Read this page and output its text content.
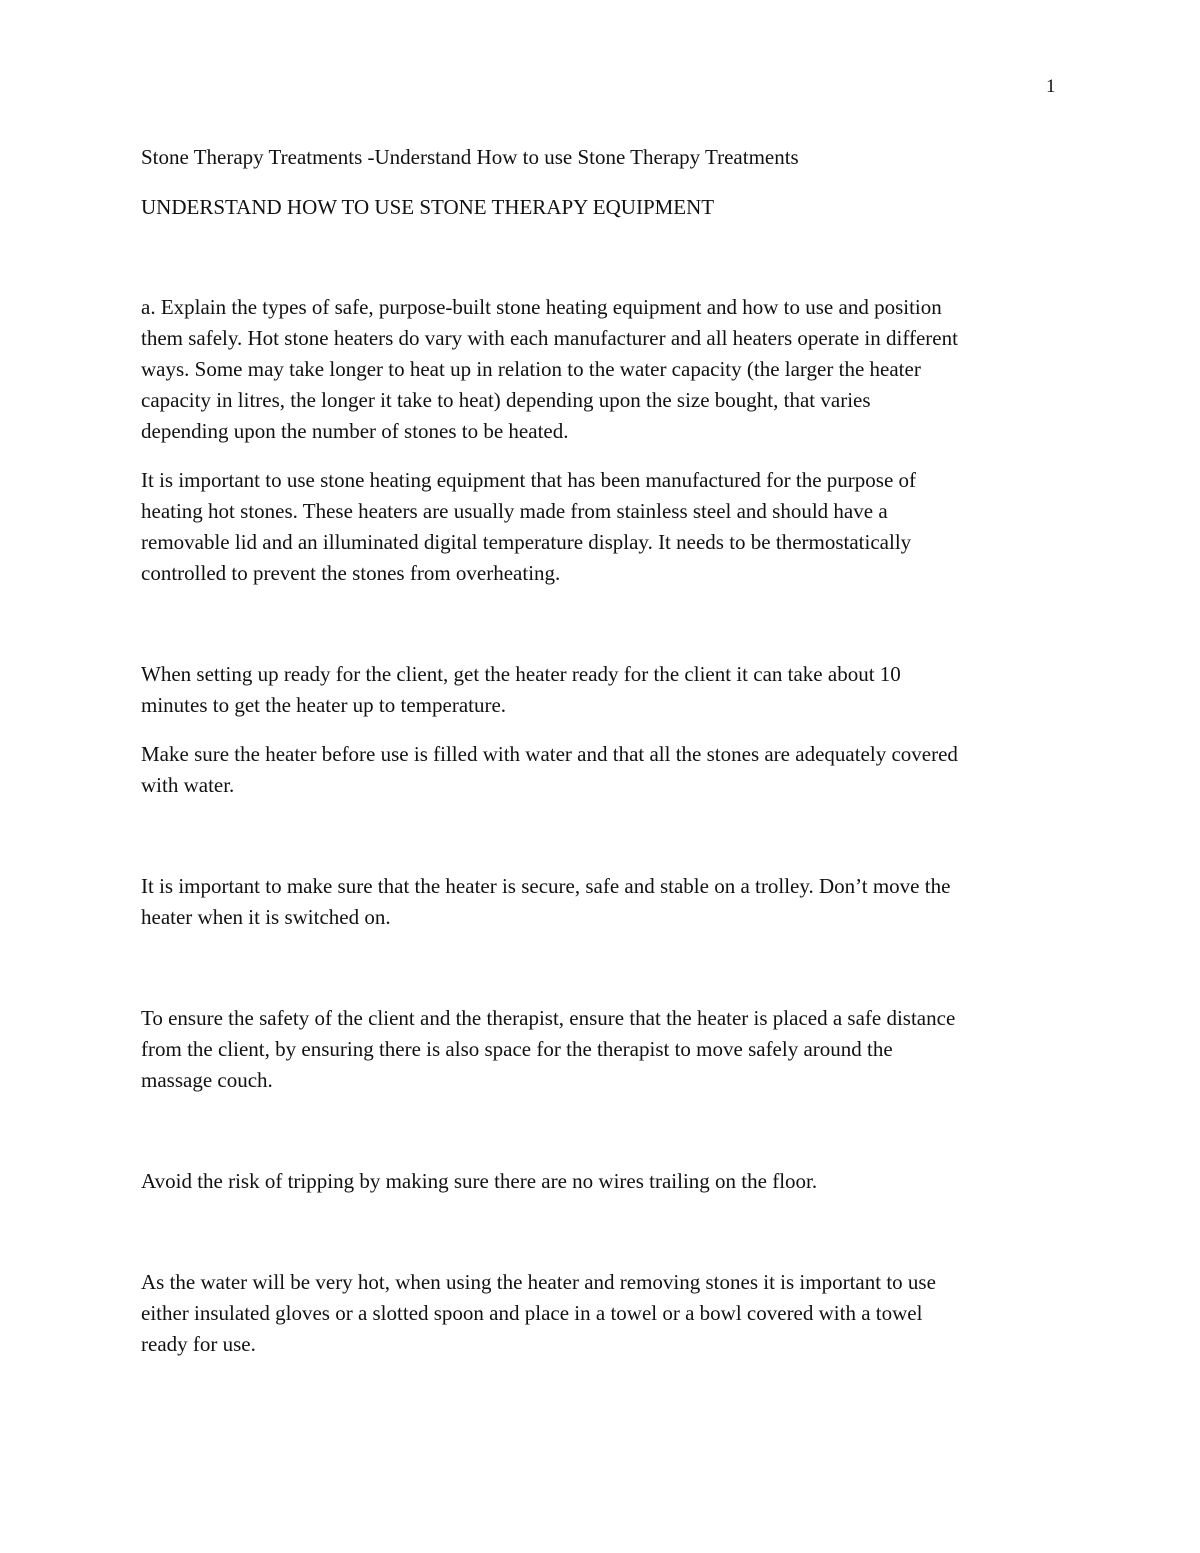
1

Stone Therapy Treatments -Understand How to use Stone Therapy Treatments

UNDERSTAND HOW TO USE STONE THERAPY EQUIPMENT

a. Explain the types of safe, purpose-built stone heating equipment and how to use and position
them safely. Hot stone heaters do vary with each manufacturer and all heaters operate in different
ways. Some may take longer to heat up in relation to the water capacity (the larger the heater
capacity in litres, the longer it take to heat) depending upon the size bought, that varies
depending upon the number of stones to be heated.

It is important to use stone heating equipment that has been manufactured for the purpose of
heating hot stones. These heaters are usually made from stainless steel and should have a
removable lid and an illuminated digital temperature display. It needs to be thermostatically
controlled to prevent the stones from overheating.

When setting up ready for the client, get the heater ready for the client it can take about 10
minutes to get the heater up to temperature.

Make sure the heater before use is filled with water and that all the stones are adequately covered
with water.

It is important to make sure that the heater is secure, safe and stable on a trolley. Don’t move the
heater when it is switched on.

To ensure the safety of the client and the therapist, ensure that the heater is placed a safe distance
from the client, by ensuring there is also space for the therapist to move safely around the
massage couch.

Avoid the risk of tripping by making sure there are no wires trailing on the floor.

As the water will be very hot, when using the heater and removing stones it is important to use
either insulated gloves or a slotted spoon and place in a towel or a bowl covered with a towel
ready for use.
